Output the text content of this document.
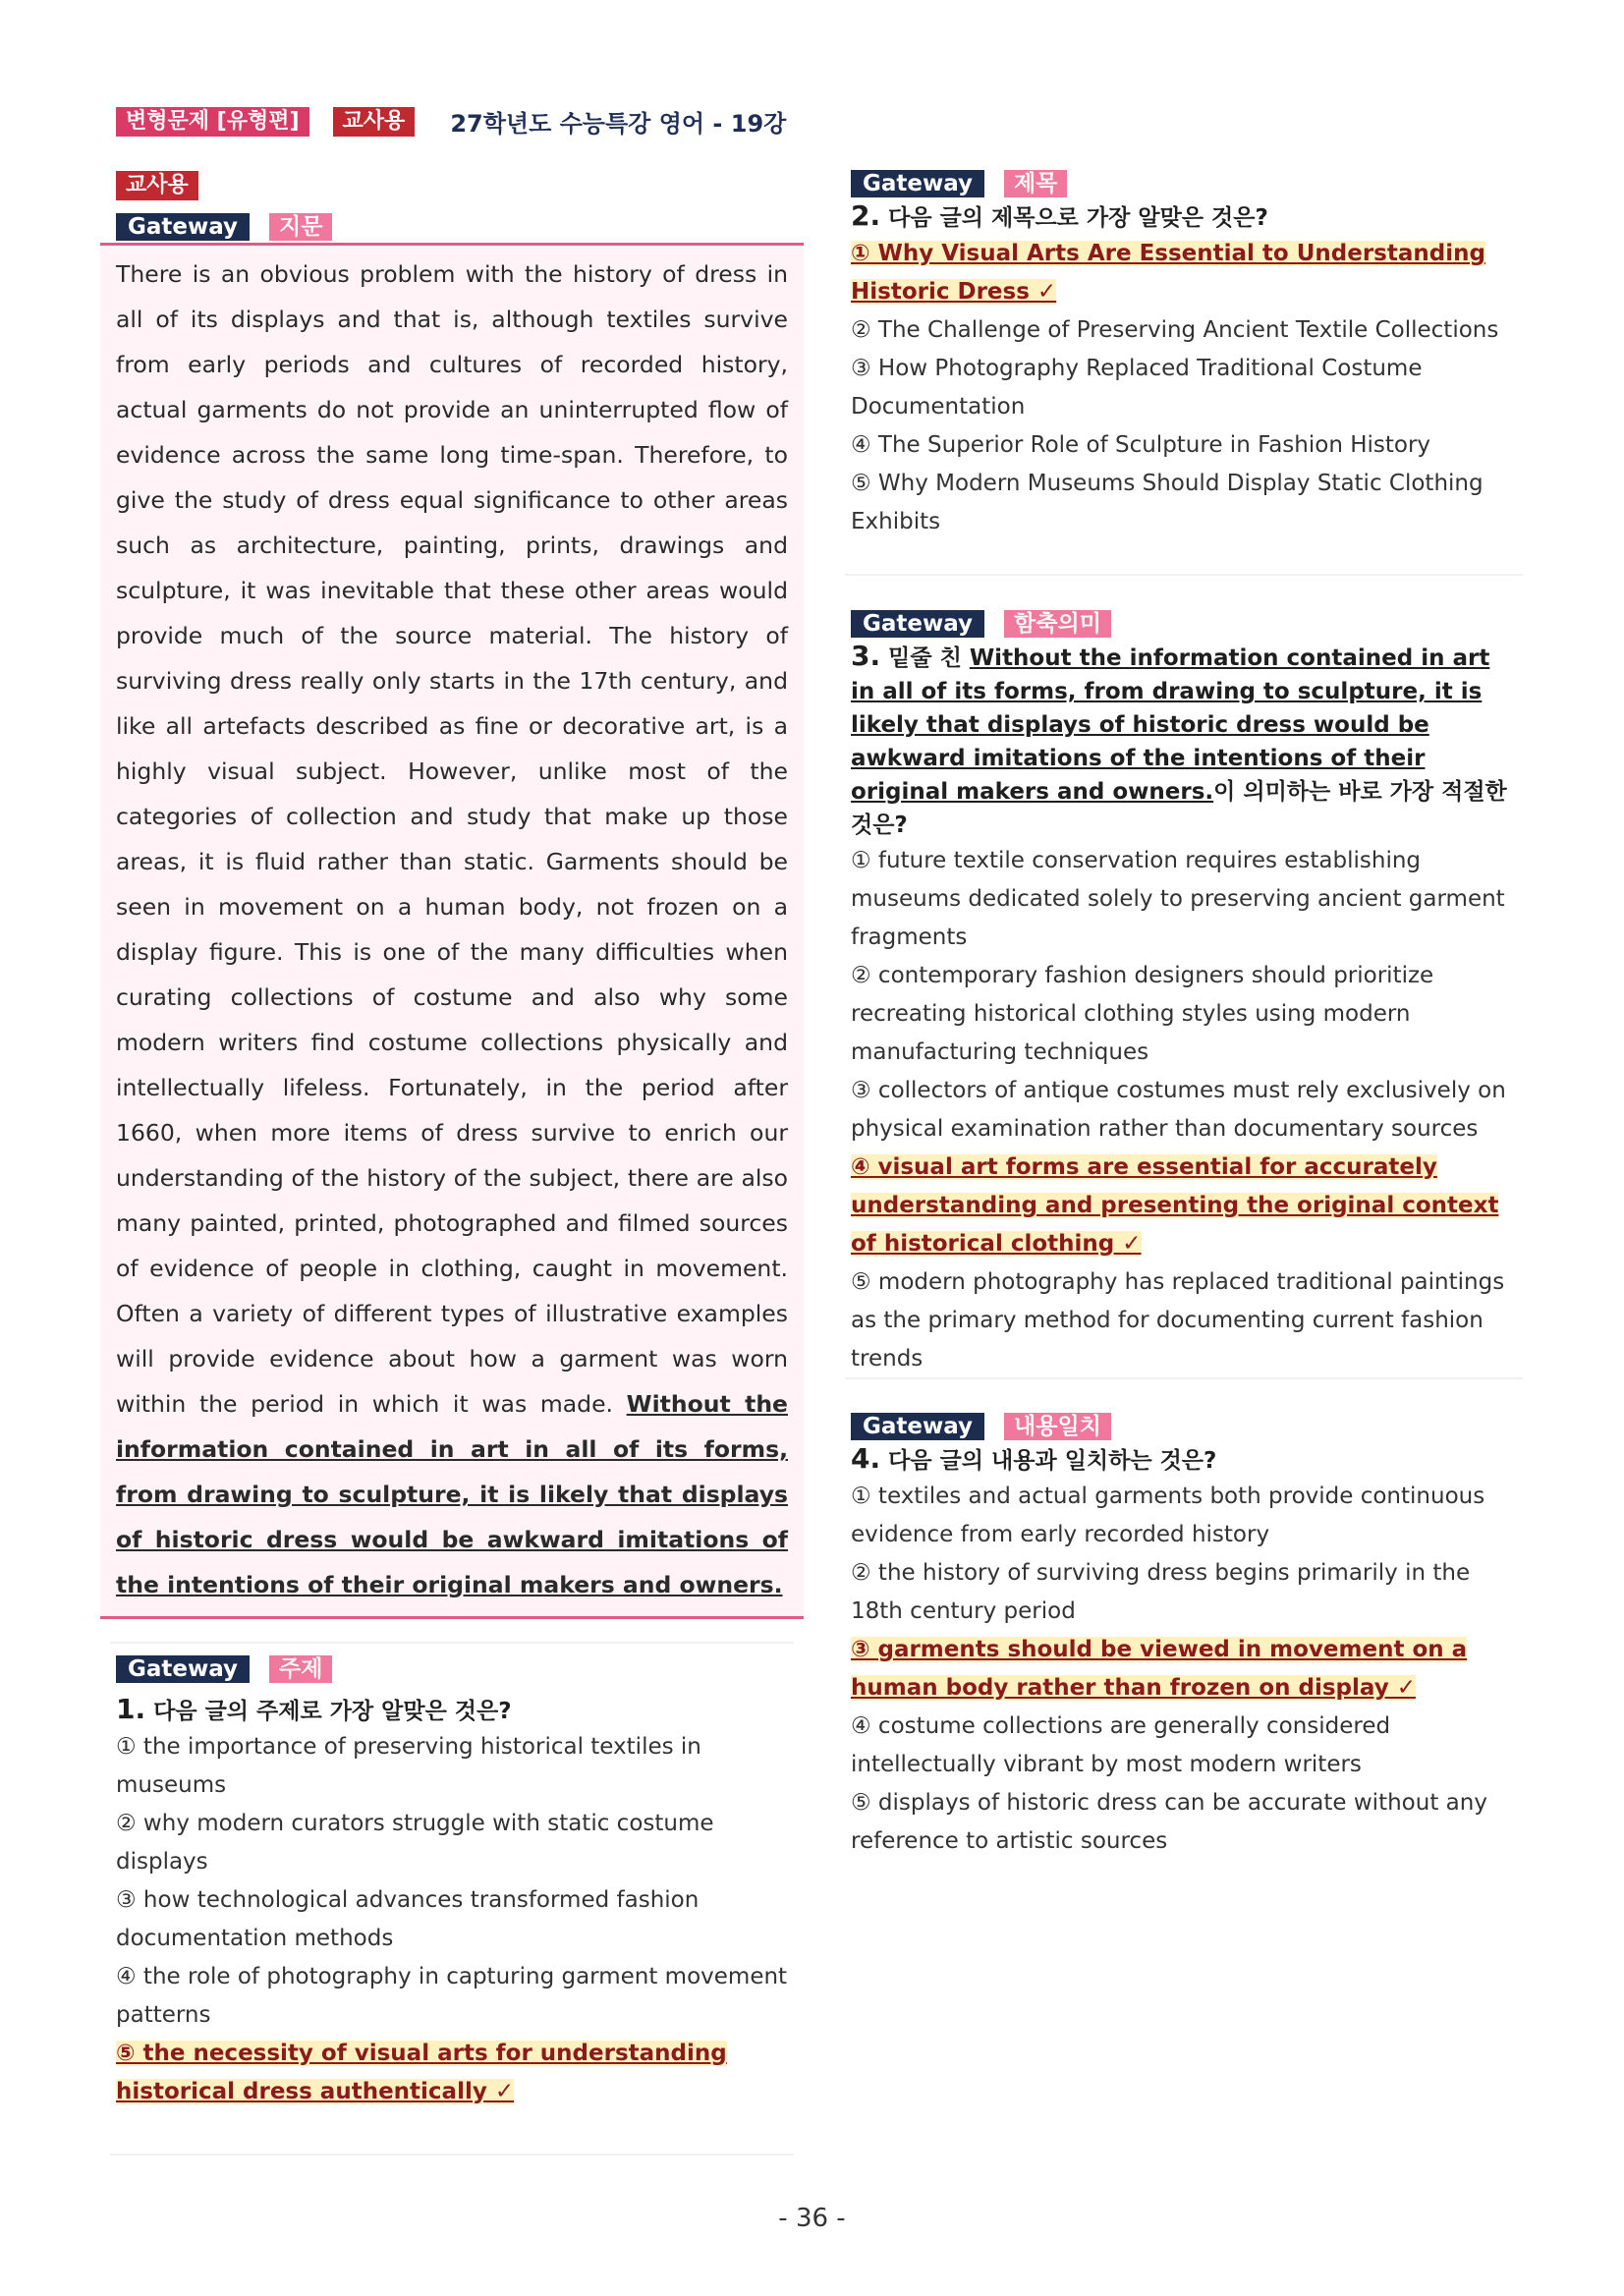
변형문제 [유형편]	교사용	27학년도 수능특강 영어 - 19강
교사용
Gateway	지문

There is an obvious problem with the history of dress in all of its displays and that is, although textiles survive from early periods and cultures of recorded history, actual garments do not provide an uninterrupted flow of evidence across the same long time-span. Therefore, to give the study of dress equal significance to other areas such as architecture, painting, prints, drawings and sculpture, it was inevitable that these other areas would provide much of the source material. The history of surviving dress really only starts in the 17th century, and like all artefacts described as fine or decorative art, is a highly visual subject. However, unlike most of the categories of collection and study that make up those areas, it is fluid rather than static. Garments should be seen in movement on a human body, not frozen on a display figure. This is one of the many difficulties when curating collections of costume and also why some modern writers find costume collections physically and intellectually lifeless. Fortunately, in the period after 1660, when more items of dress survive to enrich our understanding of the history of the subject, there are also many painted, printed, photographed and filmed sources of evidence of people in clothing, caught in movement. Often a variety of different types of illustrative examples will provide evidence about how a garment was worn within the period in which it was made. Without the information contained in art in all of its forms, from drawing to sculpture, it is likely that displays of historic dress would be awkward imitations of the intentions of their original makers and owners.

Gateway	주제
1. 다음 글의 주제로 가장 알맞은 것은?
① the importance of preserving historical textiles in museums
② why modern curators struggle with static costume displays
③ how technological advances transformed fashion documentation methods
④ the role of photography in capturing garment movement patterns
⑤ the necessity of visual arts for understanding historical dress authentically ✓
Gateway	제목
2. 다음 글의 제목으로 가장 알맞은 것은?
① Why Visual Arts Are Essential to Understanding Historic Dress ✓
② The Challenge of Preserving Ancient Textile Collections
③ How Photography Replaced Traditional Costume Documentation
④ The Superior Role of Sculpture in Fashion History
⑤ Why Modern Museums Should Display Static Clothing Exhibits
Gateway	함축의미
3. 밑줄 친 Without the information contained in art in all of its forms, from drawing to sculpture, it is likely that displays of historic dress would be awkward imitations of the intentions of their original makers and owners.이 의미하는 바로 가장 적절한 것은?
① future textile conservation requires establishing museums dedicated solely to preserving ancient garment fragments
② contemporary fashion designers should prioritize recreating historical clothing styles using modern manufacturing techniques
③ collectors of antique costumes must rely exclusively on physical examination rather than documentary sources
④ visual art forms are essential for accurately understanding and presenting the original context of historical clothing ✓
⑤ modern photography has replaced traditional paintings as the primary method for documenting current fashion trends
Gateway	내용일치
4. 다음 글의 내용과 일치하는 것은?
① textiles and actual garments both provide continuous evidence from early recorded history
② the history of surviving dress begins primarily in the 18th century period
③ garments should be viewed in movement on a human body rather than frozen on display ✓
④ costume collections are generally considered intellectually vibrant by most modern writers
⑤ displays of historic dress can be accurate without any reference to artistic sources
- 36 -
